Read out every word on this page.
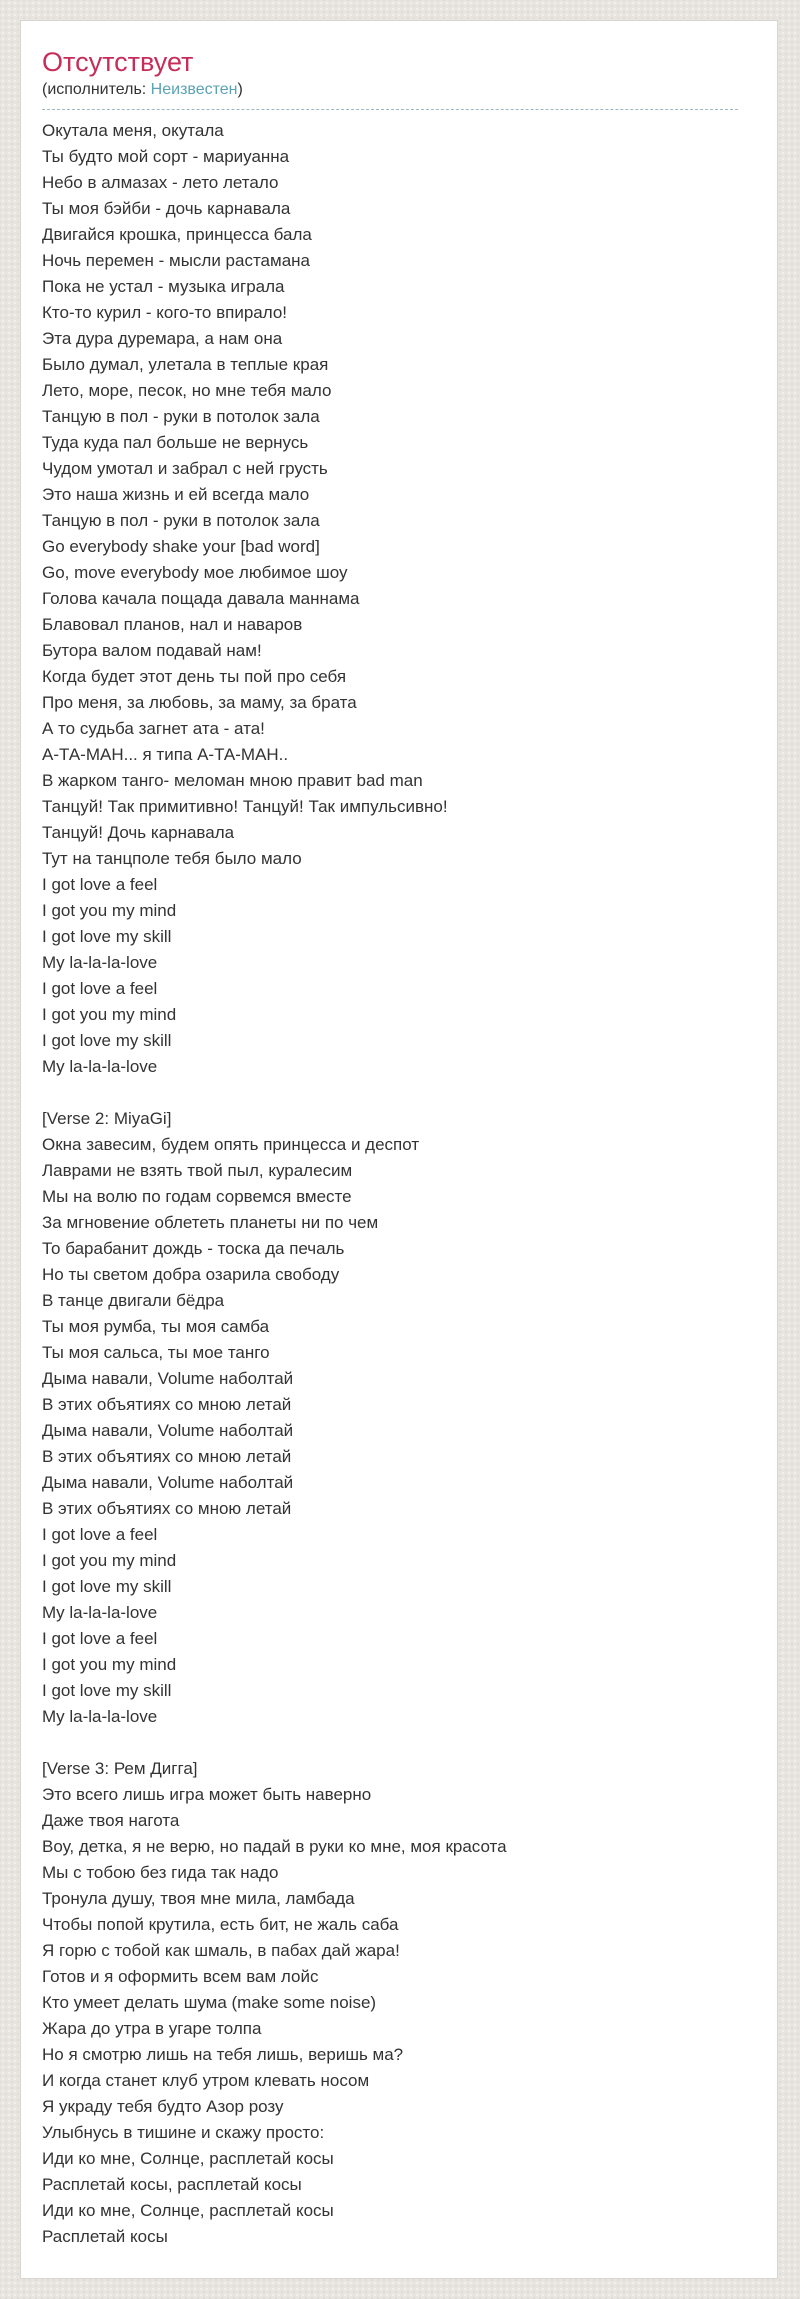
Отсутствует
(исполнитель: Неизвестен)
Окутала меня, окутала
Ты будто мой сорт - мариуанна
Небо в алмазах - лето летало
Ты моя бэйби - дочь карнавала
Двигайся крошка, принцесса бала
Ночь перемен - мысли растамана
Пока не устал - музыка играла
Кто-то курил - кого-то впирало!
Эта дура дуремара, а нам она
Было думал, улетала в теплые края
Лето, море, песок, но мне тебя мало
Танцую в пол - руки в потолок зала
Туда куда пал больше не вернусь
Чудом умотал и забрал с ней грусть
Это наша жизнь и ей всегда мало
Танцую в пол - руки в потолок зала
Go everybody shake your [bad word]
Go, move everybody мое любимое шоу
Голова качала пощада давала маннама
Блавовал планов, нал и наваров
Бутора валом подавай нам!
Когда будет этот день ты пой про себя
Про меня, за любовь, за маму, за брата
А то судьба загнет ата - ата!
А-ТА-МАН... я типа А-ТА-МАН..
В жарком танго- меломан мною правит bad man
Танцуй! Так примитивно! Танцуй! Так импульсивно!
Танцуй! Дочь карнавала
Тут на танцполе тебя было мало
I got love a feel
I got you my mind
I got love my skill
My la-la-la-love
I got love a feel
I got you my mind
I got love my skill
My la-la-la-love

[Verse 2: MiyaGi]
Окна завесим, будем опять принцесса и деспот
Лаврами не взять твой пыл, куралесим
Мы на волю по годам сорвемся вместе
За мгновение облететь планеты ни по чем
То барабанит дождь - тоска да печаль
Но ты светом добра озарила свободу
В танце двигали бёдра
Ты моя румба, ты моя самба
Ты моя сальса, ты мое танго
Дыма навали, Volume наболтай
В этих объятиях со мною летай
Дыма навали, Volume наболтай
В этих объятиях со мною летай
Дыма навали, Volume наболтай
В этих объятиях со мною летай
I got love a feel
I got you my mind
I got love my skill
My la-la-la-love
I got love a feel
I got you my mind
I got love my skill
My la-la-la-love

[Verse 3: Рем Дигга]
Это всего лишь игра может быть наверно
Даже твоя нагота
Воу, детка, я не верю, но падай в руки ко мне, моя красота
Мы с тобою без гида так надо
Тронула душу, твоя мне мила, ламбада
Чтобы попой крутила, есть бит, не жаль саба
Я горю с тобой как шмаль, в пабах дай жара!
Готов и я оформить всем вам лойс
Кто умеет делать шума (make some noise)
Жара до утра в угаре толпа
Но я смотрю лишь на тебя лишь, веришь ма?
И когда станет клуб утром клевать носом
Я украду тебя будто Азор розу
Улыбнусь в тишине и скажу просто:
Иди ко мне, Солнце, расплетай косы
Расплетай косы, расплетай косы
Иди ко мне, Солнце, расплетай косы
Расплетай косы
